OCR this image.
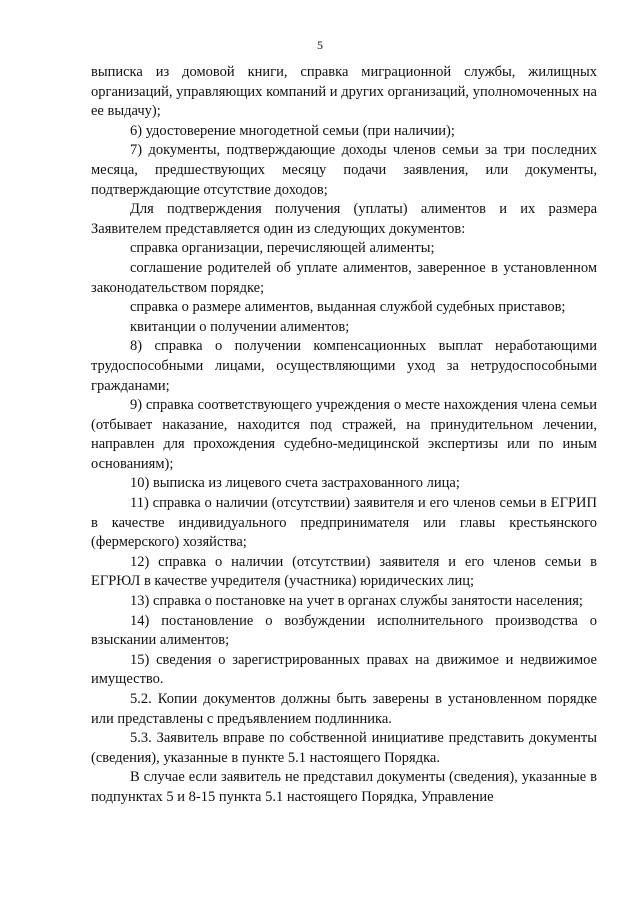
5

выписка из домовой книги, справка миграционной службы, жилищных организаций, управляющих компаний и других организаций, уполномоченных на ее выдачу);

6) удостоверение многодетной семьи (при наличии);

7) документы, подтверждающие доходы членов семьи за три последних месяца, предшествующих месяцу подачи заявления, или документы, подтверждающие отсутствие доходов;

Для подтверждения получения (уплаты) алиментов и их размера Заявителем представляется один из следующих документов:

справка организации, перечисляющей алименты;

соглашение родителей об уплате алиментов, заверенное в установленном законодательством порядке;

справка о размере алиментов, выданная службой судебных приставов;

квитанции о получении алиментов;

8) справка о получении компенсационных выплат неработающими трудоспособными лицами, осуществляющими уход за нетрудоспособными гражданами;

9) справка соответствующего учреждения о месте нахождения члена семьи (отбывает наказание, находится под стражей, на принудительном лечении, направлен для прохождения судебно-медицинской экспертизы или по иным основаниям);

10) выписка из лицевого счета застрахованного лица;

11) справка о наличии (отсутствии) заявителя и его членов семьи в ЕГРИП в качестве индивидуального предпринимателя или главы крестьянского (фермерского) хозяйства;

12) справка о наличии (отсутствии) заявителя и его членов семьи в ЕГРЮЛ в качестве учредителя (участника) юридических лиц;

13) справка о постановке на учет в органах службы занятости населения;

14) постановление о возбуждении исполнительного производства о взыскании алиментов;

15) сведения о зарегистрированных правах на движимое и недвижимое имущество.

5.2. Копии документов должны быть заверены в установленном порядке или представлены с предъявлением подлинника.

5.3. Заявитель вправе по собственной инициативе представить документы (сведения), указанные в пункте 5.1 настоящего Порядка.

В случае если заявитель не представил документы (сведения), указанные в подпунктах 5 и 8-15 пункта 5.1 настоящего Порядка, Управление
